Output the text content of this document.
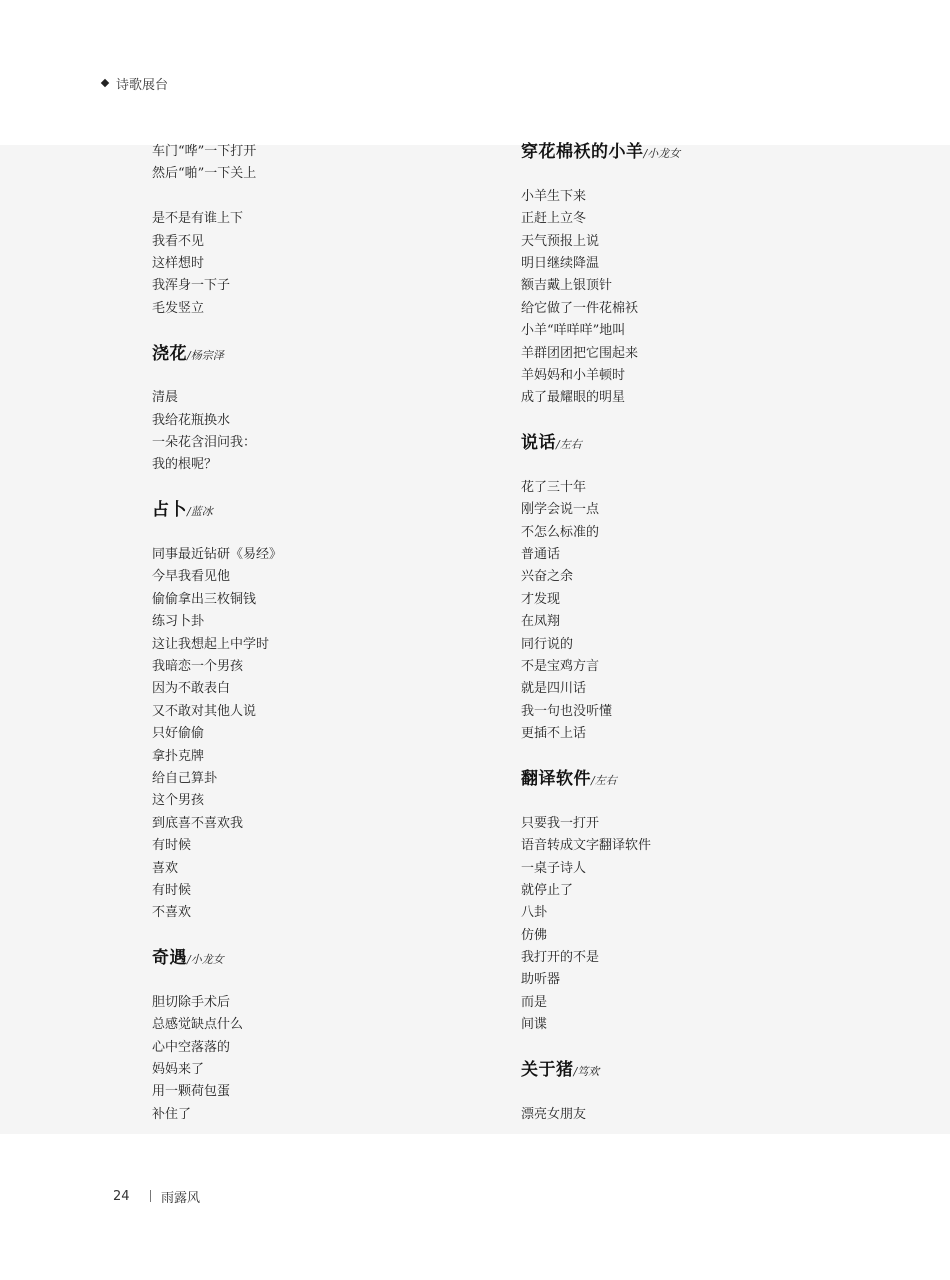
诗歌展台
车门“哗”一下打开
然后“啪”一下关上
是不是有谁上下
我看不见
这样想时
我浑身一下子
毛发竖立
浇花 /杨宗泽
清晨
我给花瓶换水
一朵花含泪问我：
我的根呢？
占卜 /蓝冰
同事最近钻研《易经》
今早我看见他
偷偷拿出三枚铜钱
练习卜卦
这让我想起上中学时
我暗恋一个男孩
因为不敢表白
又不敢对其他人说
只好偷偷
拿扑克牌
给自己算卦
这个男孩
到底喜不喜欢我
有时候
喜欢
有时候
不喜欢
奇遇 /小龙女
胆切除手术后
总感觉缺点什么
心中空落落的
妈妈来了
用一颗荷包蛋
补住了
穿花棉袄的小羊 /小龙女
小羊生下来
正赶上立冬
天气预报上说
明日继续降温
额吉戴上银顶针
给它做了一件花棉袄
小羊“咩咩咩”地叫
羊群团团把它围起来
羊妈妈和小羊顿时
成了最耀眼的明星
说话 /左右
花了三十年
刚学会说一点
不怎么标准的
普通话
兴奋之余
才发现
在凤翔
同行说的
不是宝鸡方言
就是四川话
我一句也没听懂
更插不上话
翻译软件 /左右
只要我一打开
语音转成文字翻译软件
一桌子诗人
就停止了
八卦
仿佛
我打开的不是
助听器
而是
间谍
关于猪 /笃欢
漂亮女朋友
24	雨露风
